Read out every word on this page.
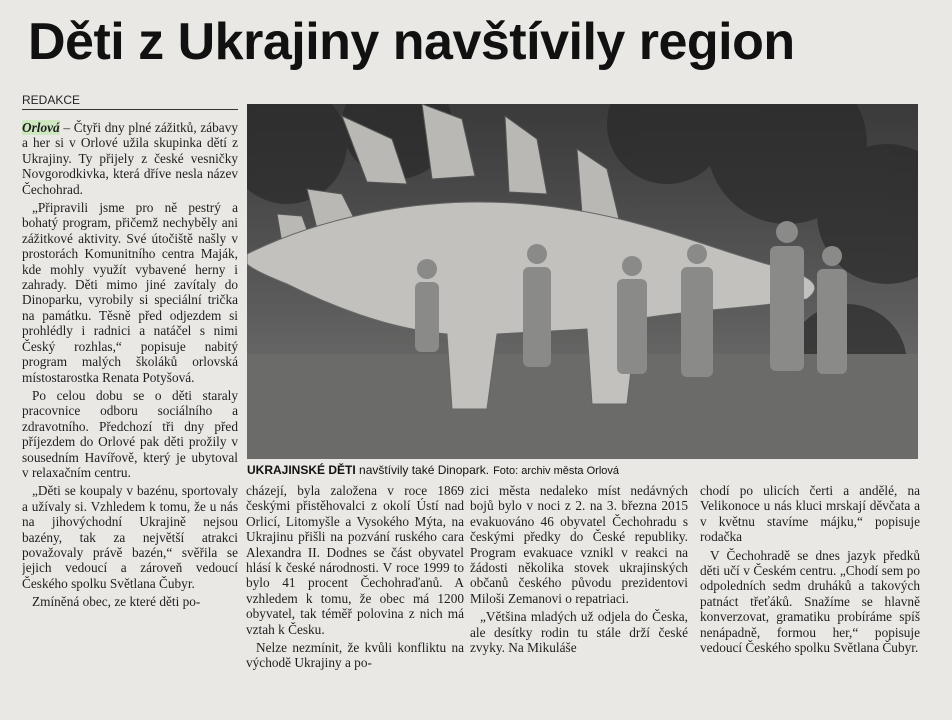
Děti z Ukrajiny navštívily region
REDAKCE

Orlová – Čtyři dny plné zážitků, zábavy a her si v Orlové užila skupinka dětí z Ukrajiny. Ty přijely z české vesničky Novgorodkivka, která dříve nesla název Čechohrad.

„Připravili jsme pro ně pestrý a bohatý program, přičemž nechyběly ani zážitkové aktivity. Své útočiště našly v prostorách Komunitního centra Maják, kde mohly využít vybavené herny i zahrady. Děti mimo jiné zavítaly do Dinoparku, vyrobily si speciální trička na památku. Těsně před odjezdem si prohlédly i radnici a natáčel s nimi Český rozhlas,“ popisuje nabitý program malých školáků orlovská místostarostka Renata Potyšová.

Po celou dobu se o děti staraly pracovnice odboru sociálního a zdravotního. Předchozí tři dny před příjezdem do Orlové pak děti prožily v sousedním Havířově, který je ubytoval v relaxačním centru.

„Děti se koupaly v bazénu, sportovaly a užívaly si. Vzhledem k tomu, že u nás na jihovýchodní Ukrajině nejsou bazény, tak za největší atrakci považovaly právě bazén,“ svěřila se jejich vedoucí a zároveň vedoucí Českého spolku Světlana Čubyr.

Zmíněná obec, ze které děti po-

UKRAJINSKÉ DĚTI navštívily také Dinopark. Foto: archiv města Orlová

cházejí, byla založena v roce 1869 českými přistěhovalci z okolí Ústí nad Orlicí, Litomyšle a Vysokého Mýta, na Ukrajinu přišli na pozvání ruského cara Alexandra II. Dodnes se část obyvatel hlásí k české národnosti. V roce 1999 to bylo 41 procent Čechohraďanů. A vzhledem k tomu, že obec má 1200 obyvatel, tak téměř polovina z nich má vztah k Česku.

Nelze nezmínit, že kvůli konfliktu na východě Ukrajiny a po-

zici města nedaleko míst nedávných bojů bylo v noci z 2. na 3. března 2015 evakuováno 46 obyvatel Čechohradu s českými předky do České republiky. Program evakuace vznikl v reakci na žádosti několika stovek ukrajinských občanů českého původu prezidentovi Miloši Zemanovi o repatriaci.

„Většina mladých už odjela do Česka, ale desítky rodin tu stále drží české zvyky. Na Mikuláše

chodí po ulicích čerti a andělé, na Velikonoce u nás kluci mrskají děvčata a v květnu stavíme májku,“ popisuje rodačka

V Čechohradě se dnes jazyk předků děti učí v Českém centru. „Chodí sem po odpoledních sedm druháků a takových patnáct třeťáků. Snažíme se hlavně konverzovat, gramatiku probíráme spíš nenápadně, formou her,“ popisuje vedoucí Českého spolku Světlana Čubyr.
